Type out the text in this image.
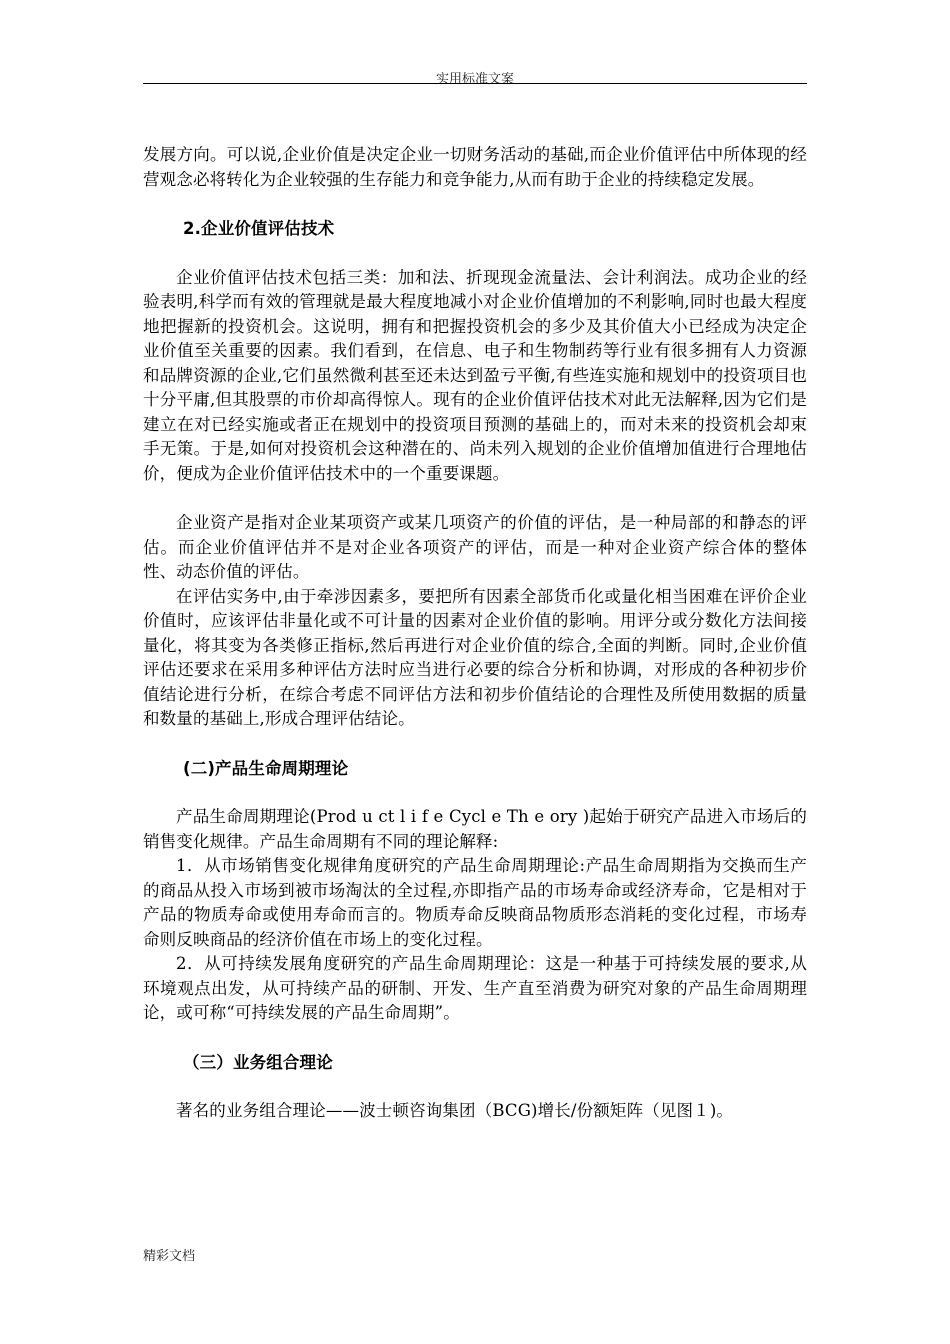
实用标准文案

发展方向。可以说,企业价值是决定企业一切财务活动的基础,而企业价值评估中所体现的经营观念必将转化为企业较强的生存能力和竞争能力,从而有助于企业的持续稳定发展。

2.企业价值评估技术

企业价值评估技术包括三类：加和法、折现现金流量法、会计利润法。成功企业的经验表明,科学而有效的管理就是最大程度地减小对企业价值增加的不利影响,同时也最大程度地把握新的投资机会。这说明，拥有和把握投资机会的多少及其价值大小已经成为决定企业价值至关重要的因素。我们看到，在信息、电子和生物制药等行业有很多拥有人力资源和品牌资源的企业,它们虽然微利甚至还未达到盈亏平衡,有些连实施和规划中的投资项目也十分平庸,但其股票的市价却高得惊人。现有的企业价值评估技术对此无法解释,因为它们是建立在对已经实施或者正在规划中的投资项目预测的基础上的，而对未来的投资机会却束手无策。于是,如何对投资机会这种潜在的、尚未列入规划的企业价值增加值进行合理地估价，便成为企业价值评估技术中的一个重要课题。

企业资产是指对企业某项资产或某几项资产的价值的评估，是一种局部的和静态的评估。而企业价值评估并不是对企业各项资产的评估，而是一种对企业资产综合体的整体性、动态价值的评估。

在评估实务中,由于牵涉因素多，要把所有因素全部货币化或量化相当困难在评价企业价值时，应该评估非量化或不可计量的因素对企业价值的影响。用评分或分数化方法间接量化，将其变为各类修正指标,然后再进行对企业价值的综合,全面的判断。同时,企业价值评估还要求在采用多种评估方法时应当进行必要的综合分析和协调，对形成的各种初步价值结论进行分析，在综合考虑不同评估方法和初步价值结论的合理性及所使用数据的质量和数量的基础上,形成合理评估结论。

(二)产品生命周期理论

产品生命周期理论(Prod u ct l i f e Cycl e Th e ory )起始于研究产品进入市场后的销售变化规律。产品生命周期有不同的理论解释:

1．从市场销售变化规律角度研究的产品生命周期理论:产品生命周期指为交换而生产的商品从投入市场到被市场淘汰的全过程,亦即指产品的市场寿命或经济寿命，它是相对于产品的物质寿命或使用寿命而言的。物质寿命反映商品物质形态消耗的变化过程，市场寿命则反映商品的经济价值在市场上的变化过程。

2．从可持续发展角度研究的产品生命周期理论：这是一种基于可持续发展的要求,从环境观点出发，从可持续产品的研制、开发、生产直至消费为研究对象的产品生命周期理论，或可称“可持续发展的产品生命周期”。

（三）业务组合理论

著名的业务组合理论——波士顿咨询集团（BCG)增长/份额矩阵（见图１)。

精彩文档
